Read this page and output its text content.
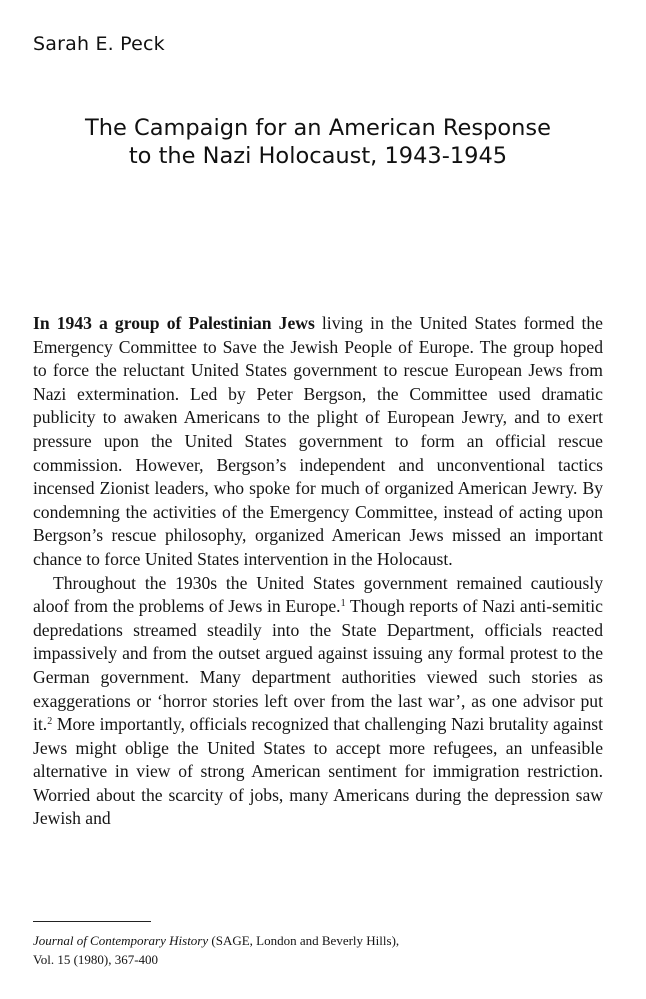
Sarah E. Peck
The Campaign for an American Response
to the Nazi Holocaust, 1943-1945

In 1943 a group of Palestinian Jews living in the United States formed the Emergency Committee to Save the Jewish People of Europe. The group hoped to force the reluctant United States government to rescue European Jews from Nazi extermination. Led by Peter Bergson, the Committee used dramatic publicity to awaken Americans to the plight of European Jewry, and to exert pressure upon the United States government to form an official rescue commission. However, Bergson’s independent and unconventional tactics incensed Zionist leaders, who spoke for much of organized American Jewry. By condemning the activities of the Emergency Committee, instead of acting upon Bergson’s rescue philosophy, organized American Jews missed an important chance to force United States intervention in the Holocaust.

Throughout the 1930s the United States government remained cautiously aloof from the problems of Jews in Europe.$^1$ Though reports of Nazi anti-semitic depredations streamed steadily into the State Department, officials reacted impassively and from the outset argued against issuing any formal protest to the German government. Many department authorities viewed such stories as exaggerations or ‘horror stories left over from the last war’, as one advisor put it.$^2$ More importantly, officials recognized that challenging Nazi brutality against Jews might oblige the United States to accept more refugees, an unfeasible alternative in view of strong American sentiment for immigration restriction. Worried about the scarcity of jobs, many Americans during the depression saw Jewish and

Journal of Contemporary History (SAGE, London and Beverly Hills),
Vol. 15 (1980), 367-400
